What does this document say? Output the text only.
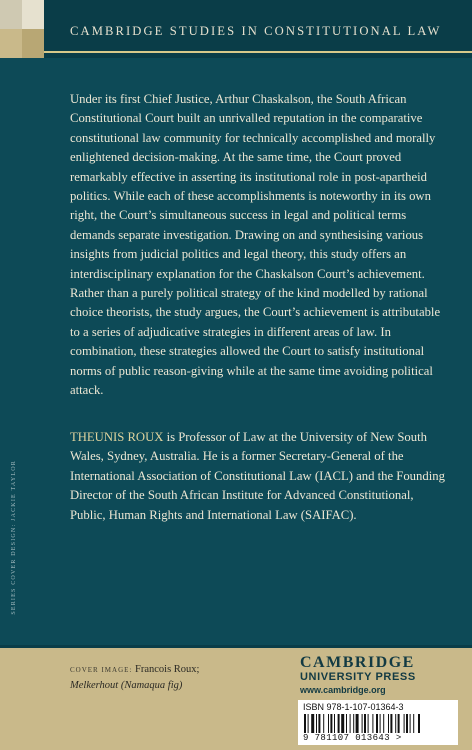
CAMBRIDGE STUDIES IN CONSTITUTIONAL LAW

Under its first Chief Justice, Arthur Chaskalson, the South African Constitutional Court built an unrivalled reputation in the comparative constitutional law community for technically accomplished and morally enlightened decision-making. At the same time, the Court proved remarkably effective in asserting its institutional role in post-apartheid politics. While each of these accomplishments is noteworthy in its own right, the Court’s simultaneous success in legal and political terms demands separate investigation. Drawing on and synthesising various insights from judicial politics and legal theory, this study offers an interdisciplinary explanation for the Chaskalson Court’s achievement. Rather than a purely political strategy of the kind modelled by rational choice theorists, the study argues, the Court’s achievement is attributable to a series of adjudicative strategies in different areas of law. In combination, these strategies allowed the Court to satisfy institutional norms of public reason-giving while at the same time avoiding political attack.

THEUNIS ROUX is Professor of Law at the University of New South Wales, Sydney, Australia. He is a former Secretary-General of the International Association of Constitutional Law (IACL) and the Founding Director of the South African Institute for Advanced Constitutional, Public, Human Rights and International Law (SAIFAC).

SERIES COVER DESIGN: JACKIE TAYLOR
COVER IMAGE: Francois Roux;
Melkerhout (Namaqua fig)
CAMBRIDGE
UNIVERSITY PRESS
www.cambridge.org
ISBN 978-1-107-01364-3
9 781107 013643 >
